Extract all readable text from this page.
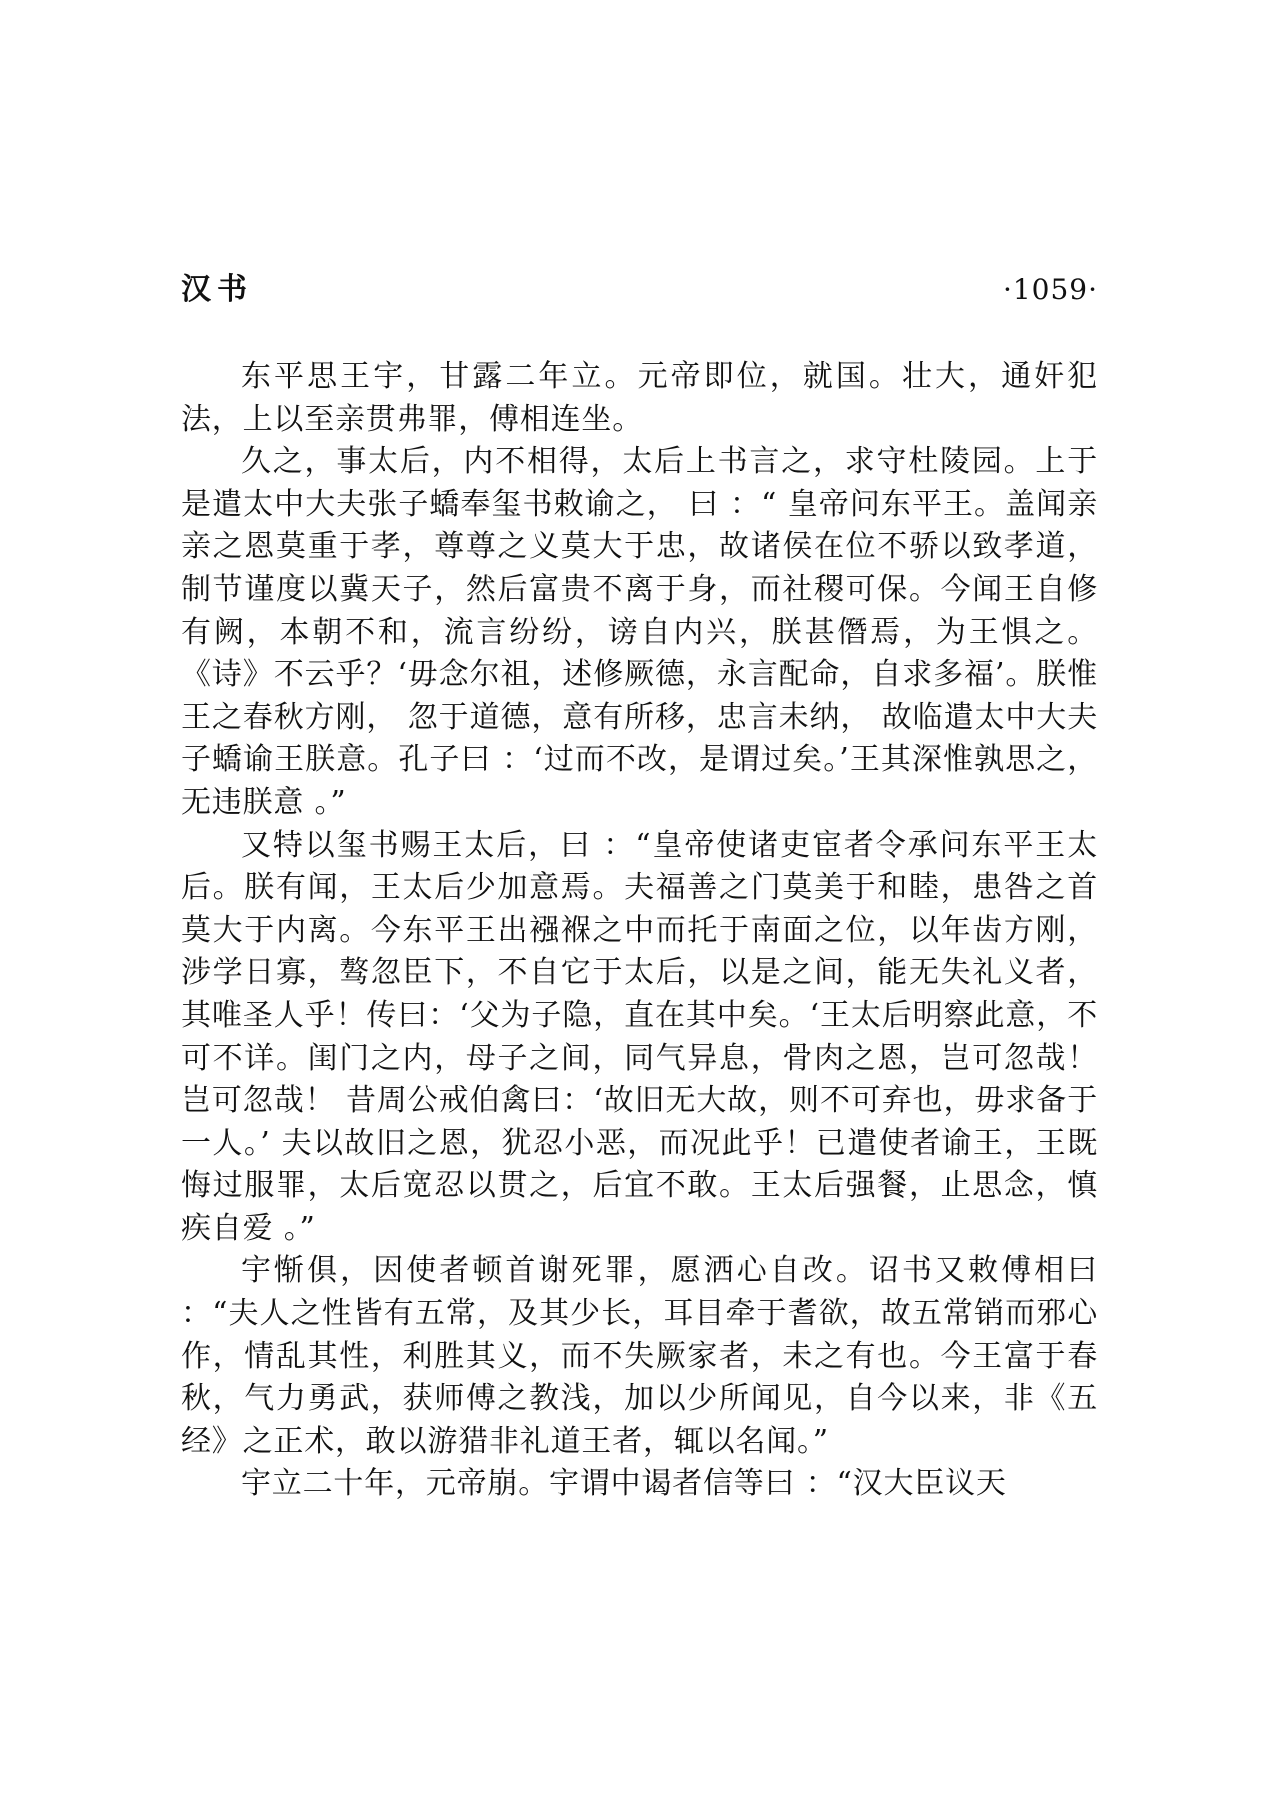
汉书	·1059·

东平思王宇，甘露二年立。元帝即位，就国。壮大，通奸犯法，上以至亲贯弗罪，傅相连坐。

久之，事太后，内不相得，太后上书言之，求守杜陵园。上于是遣太中大夫张子蟜奉玺书敕谕之， 曰 ：“ 皇帝问东平王。盖闻亲亲之恩莫重于孝，尊尊之义莫大于忠，故诸侯在位不骄以致孝道，制节谨度以冀天子，然后富贵不离于身，而社稷可保。今闻王自修有阙，本朝不和，流言纷纷，谤自内兴，朕甚僭焉，为王惧之。《诗》不云乎？‘毋念尔祖，述修厥德，永言配命，自求多福’。朕惟王之春秋方刚， 忽于道德，意有所移，忠言未纳， 故临遣太中大夫子蟜谕王朕意。孔子曰 ：‘过而不改，是谓过矣。’王其深惟孰思之，无违朕意 。”

又特以玺书赐王太后，曰 ：“皇帝使诸吏宦者令承问东平王太后。朕有闻，王太后少加意焉。夫福善之门莫美于和睦，患咎之首莫大于内离。今东平王出襁褓之中而托于南面之位，以年齿方刚，涉学日寡，骜忽臣下，不自它于太后，以是之间，能无失礼义者，其唯圣人乎！传曰：‘父为子隐，直在其中矣。‘王太后明察此意，不可不详。闺门之内，母子之间，同气异息，骨肉之恩，岂可忽哉！岂可忽哉！ 昔周公戒伯禽曰：‘故旧无大故，则不可弃也，毋求备于一人。’ 夫以故旧之恩，犹忍小恶，而况此乎！已遣使者谕王，王既悔过服罪，太后宽忍以贯之，后宜不敢。王太后强餐，止思念，慎疾自爱 。”

宇惭俱，因使者顿首谢死罪，愿洒心自改。诏书又敕傅相曰 ：“夫人之性皆有五常，及其少长，耳目牵于耆欲，故五常销而邪心作，情乱其性，利胜其义，而不失厥家者，未之有也。今王富于春秋，气力勇武，获师傅之教浅，加以少所闻见，自今以来，非《五经》之正术，敢以游猎非礼道王者，辄以名闻。”

宇立二十年，元帝崩。宇谓中谒者信等曰 ：“汉大臣议天
